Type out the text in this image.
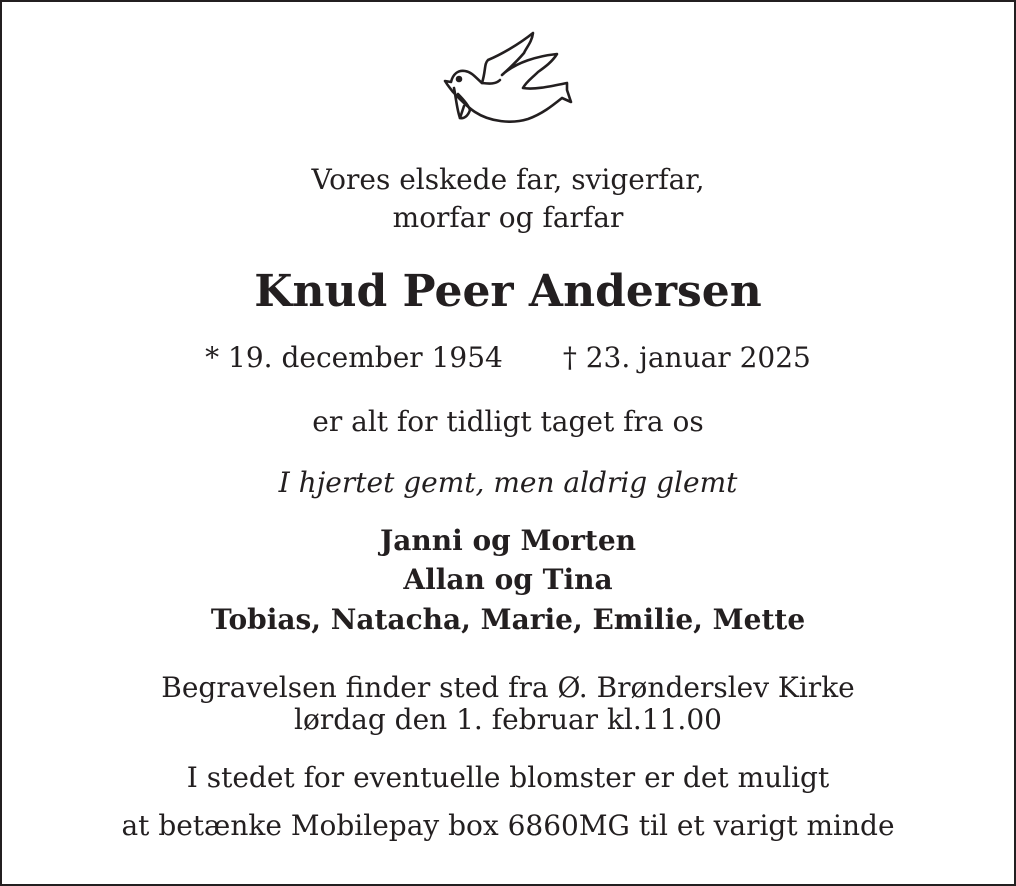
Vores elskede far, svigerfar,
morfar og farfar
Knud Peer Andersen
* 19. december 1954 † 23. januar 2025
er alt for tidligt taget fra os
I hjertet gemt, men aldrig glemt
Janni og Morten
Allan og Tina
Tobias, Natacha, Marie, Emilie, Mette
Begravelsen finder sted fra Ø. Brønderslev Kirke
lørdag den 1. februar kl.11.00
I stedet for eventuelle blomster er det muligt
at betænke Mobilepay box 6860MG til et varigt minde
